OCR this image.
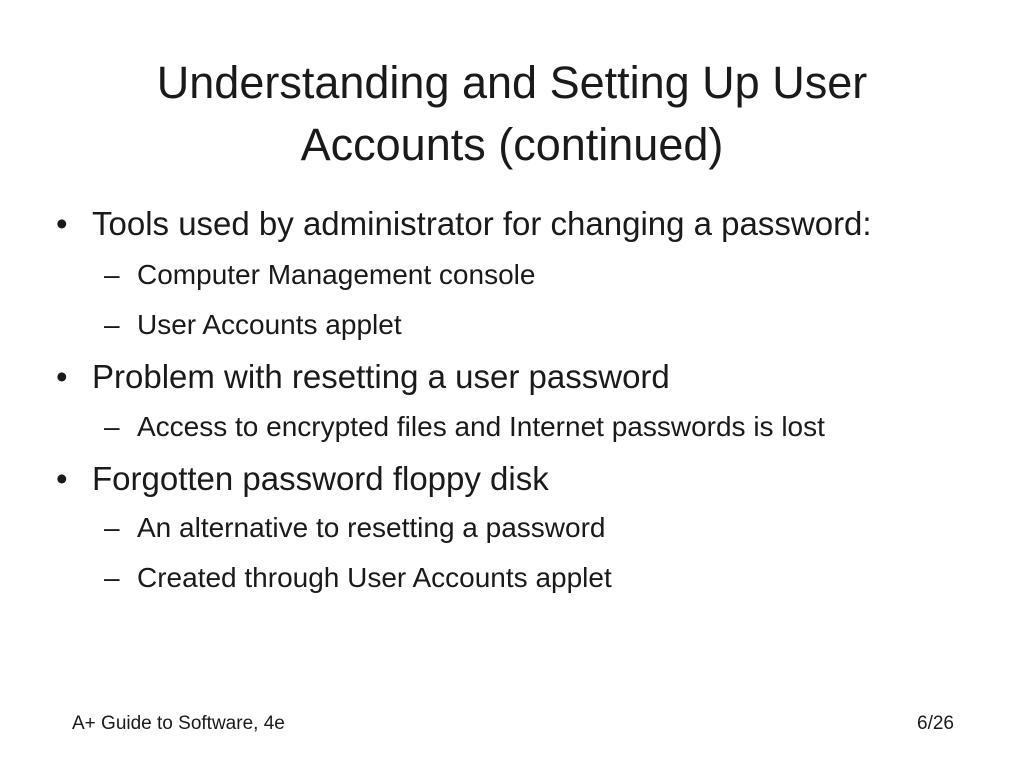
Understanding and Setting Up User
Accounts (continued)
• Tools used by administrator for changing a password:
– Computer Management console
– User Accounts applet
• Problem with resetting a user password
– Access to encrypted files and Internet passwords is lost
• Forgotten password floppy disk
– An alternative to resetting a password
– Created through User Accounts applet
A+ Guide to Software, 4e	6/26
